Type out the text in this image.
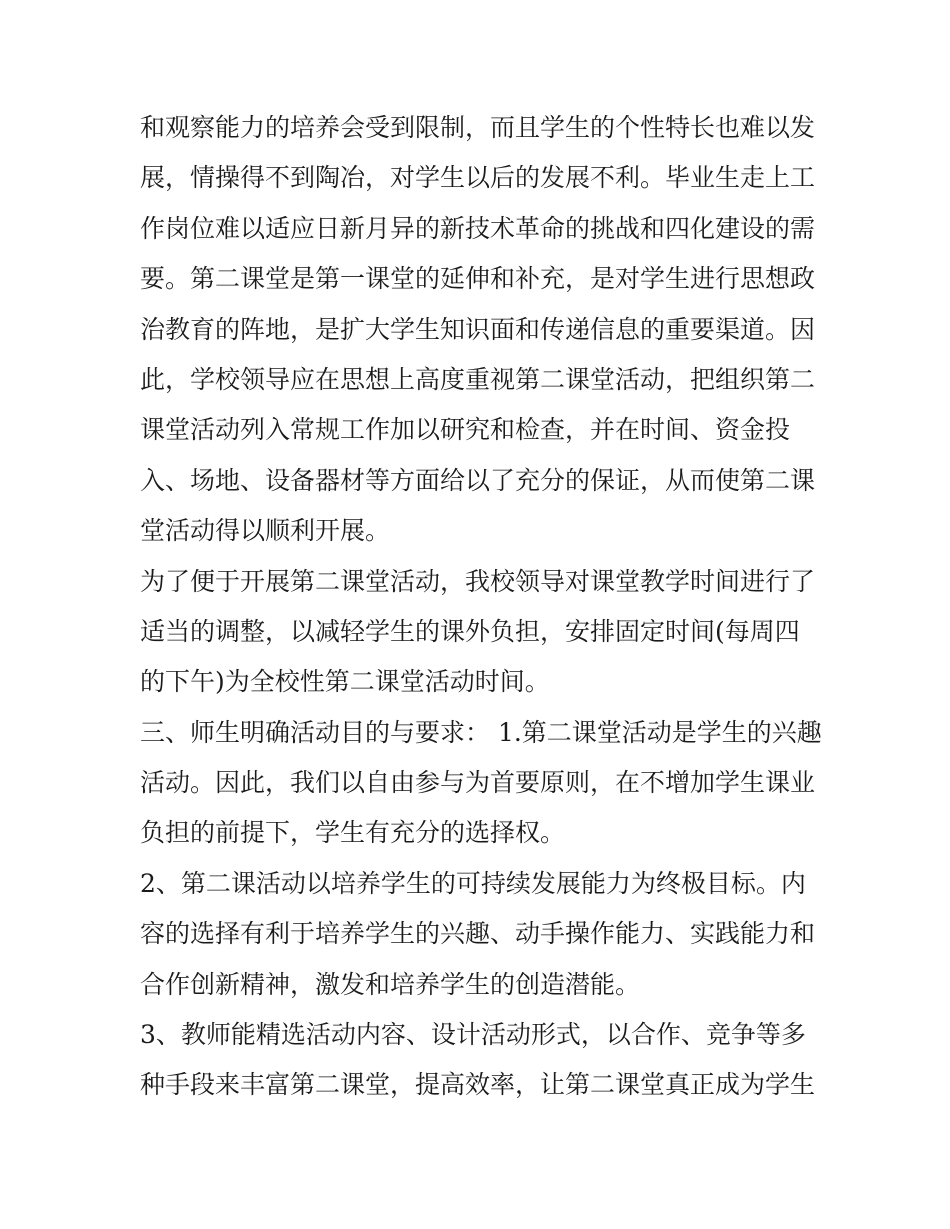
和观察能力的培养会受到限制，而且学生的个性特长也难以发
展，情操得不到陶冶，对学生以后的发展不利。毕业生走上工
作岗位难以适应日新月异的新技术革命的挑战和四化建设的需
要。第二课堂是第一课堂的延伸和补充，是对学生进行思想政
治教育的阵地，是扩大学生知识面和传递信息的重要渠道。因
此，学校领导应在思想上高度重视第二课堂活动，把组织第二
课堂活动列入常规工作加以研究和检查，并在时间、资金投
入、场地、设备器材等方面给以了充分的保证，从而使第二课
堂活动得以顺利开展。
为了便于开展第二课堂活动，我校领导对课堂教学时间进行了
适当的调整，以减轻学生的课外负担，安排固定时间(每周四
的下午)为全校性第二课堂活动时间。
三、师生明确活动目的与要求： 1.第二课堂活动是学生的兴趣
活动。因此，我们以自由参与为首要原则，在不增加学生课业
负担的前提下，学生有充分的选择权。
2、第二课活动以培养学生的可持续发展能力为终极目标。内
容的选择有利于培养学生的兴趣、动手操作能力、实践能力和
合作创新精神，激发和培养学生的创造潜能。
3、教师能精选活动内容、设计活动形式，以合作、竞争等多
种手段来丰富第二课堂，提高效率，让第二课堂真正成为学生
